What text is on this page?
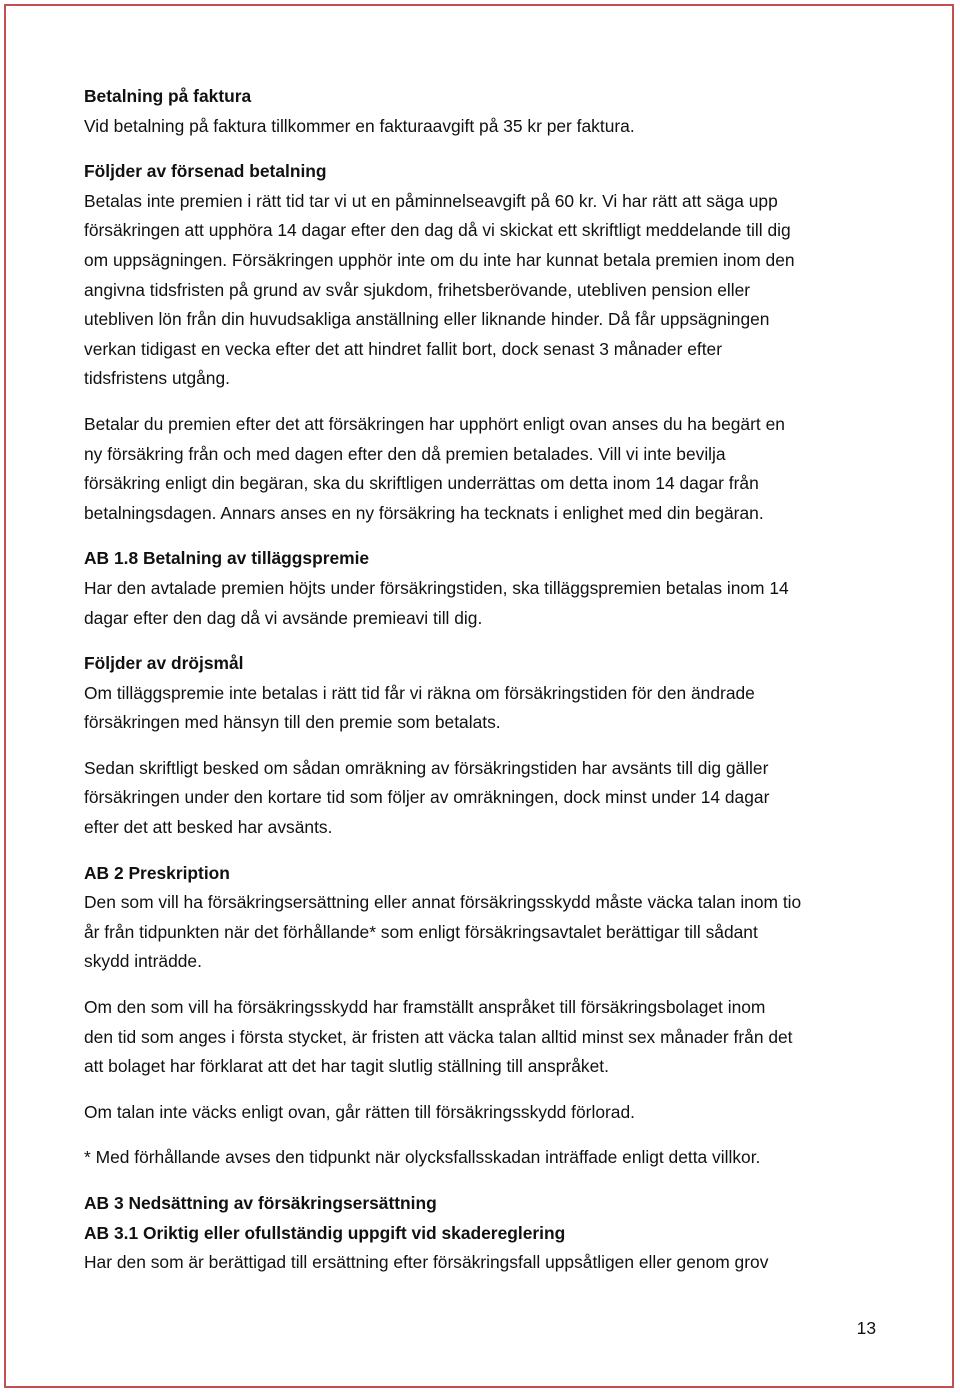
Betalning på faktura
Vid betalning på faktura tillkommer en fakturaavgift på 35 kr per faktura.
Följder av försenad betalning
Betalas inte premien i rätt tid tar vi ut en påminnelseavgift på 60 kr. Vi har rätt att säga upp
försäkringen att upphöra 14 dagar efter den dag då vi skickat ett skriftligt meddelande till dig
om uppsägningen. Försäkringen upphör inte om du inte har kunnat betala premien inom den
angivna tidsfristen på grund av svår sjukdom, frihetsberövande, utebliven pension eller
utebliven lön från din huvudsakliga anställning eller liknande hinder. Då får uppsägningen
verkan tidigast en vecka efter det att hindret fallit bort, dock senast 3 månader efter
tidsfristens utgång.
Betalar du premien efter det att försäkringen har upphört enligt ovan anses du ha begärt en
ny försäkring från och med dagen efter den då premien betalades. Vill vi inte bevilja
försäkring enligt din begäran, ska du skriftligen underrättas om detta inom 14 dagar från
betalningsdagen. Annars anses en ny försäkring ha tecknats i enlighet med din begäran.
AB 1.8 Betalning av tilläggspremie
Har den avtalade premien höjts under försäkringstiden, ska tilläggspremien betalas inom 14
dagar efter den dag då vi avsände premieavi till dig.
Följder av dröjsmål
Om tilläggspremie inte betalas i rätt tid får vi räkna om försäkringstiden för den ändrade
försäkringen med hänsyn till den premie som betalats.
Sedan skriftligt besked om sådan omräkning av försäkringstiden har avsänts till dig gäller
försäkringen under den kortare tid som följer av omräkningen, dock minst under 14 dagar
efter det att besked har avsänts.
AB 2 Preskription
Den som vill ha försäkringsersättning eller annat försäkringsskydd måste väcka talan inom tio
år från tidpunkten när det förhållande* som enligt försäkringsavtalet berättigar till sådant
skydd inträdde.
Om den som vill ha försäkringsskydd har framställt anspråket till försäkringsbolaget inom
den tid som anges i första stycket, är fristen att väcka talan alltid minst sex månader från det
att bolaget har förklarat att det har tagit slutlig ställning till anspråket.
Om talan inte väcks enligt ovan, går rätten till försäkringsskydd förlorad.
* Med förhållande avses den tidpunkt när olycksfallsskadan inträffade enligt detta villkor.
AB 3 Nedsättning av försäkringsersättning
AB 3.1 Oriktig eller ofullständig uppgift vid skadereglering
Har den som är berättigad till ersättning efter försäkringsfall uppsåtligen eller genom grov
13
